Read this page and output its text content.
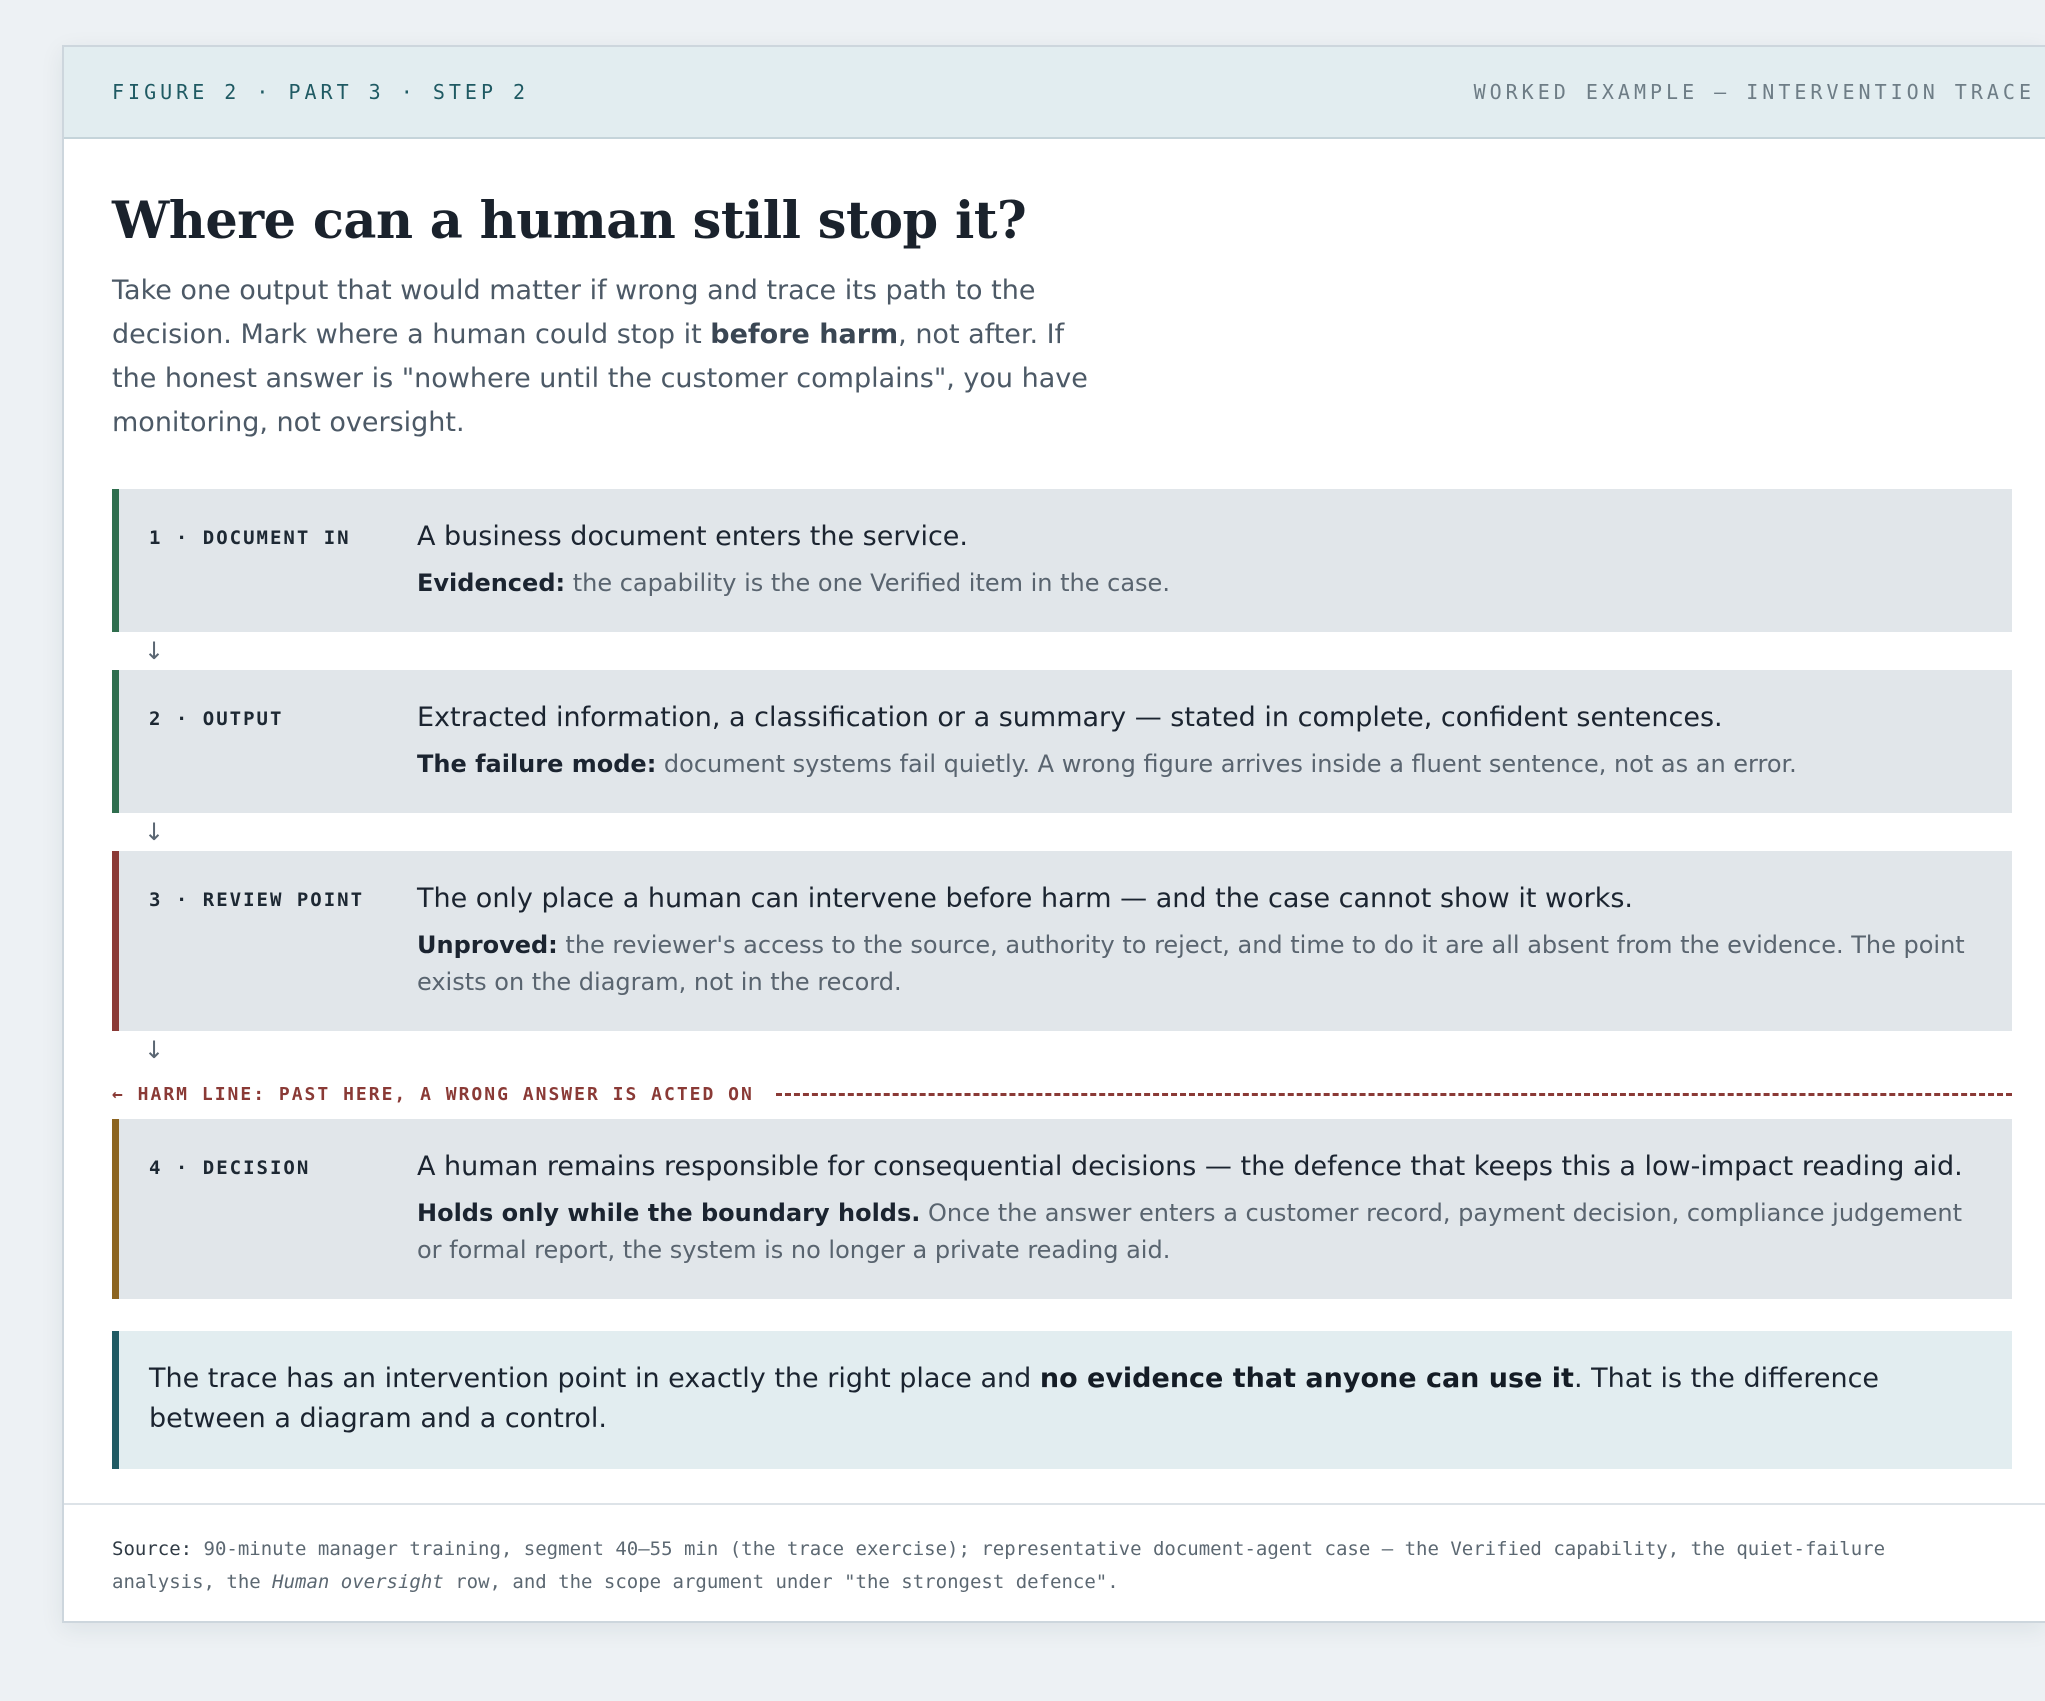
FIGURE 2 · PART 3 · STEP 2	WORKED EXAMPLE — INTERVENTION TRACE
Where can a human still stop it?

Take one output that would matter if wrong and trace its path to the decision. Mark where a human could stop it before harm, not after. If the honest answer is "nowhere until the customer complains", you have monitoring, not oversight.

1 · DOCUMENT IN	A business document enters the service.
Evidenced: the capability is the one Verified item in the case.
↓
2 · OUTPUT	Extracted information, a classification or a summary — stated in complete, confident sentences.
The failure mode: document systems fail quietly. A wrong figure arrives inside a fluent sentence, not as an error.
↓
3 · REVIEW POINT	The only place a human can intervene before harm — and the case cannot show it works.
Unproved: the reviewer's access to the source, authority to reject, and time to do it are all absent from the evidence. The point exists on the diagram, not in the record.
↓
← HARM LINE: PAST HERE, A WRONG ANSWER IS ACTED ON
4 · DECISION	A human remains responsible for consequential decisions — the defence that keeps this a low-impact reading aid.
Holds only while the boundary holds. Once the answer enters a customer record, payment decision, compliance judgement or formal report, the system is no longer a private reading aid.
The trace has an intervention point in exactly the right place and no evidence that anyone can use it. That is the difference between a diagram and a control.
Source: 90-minute manager training, segment 40–55 min (the trace exercise); representative document-agent case — the Verified capability, the quiet-failure analysis, the Human oversight row, and the scope argument under "the strongest defence".
